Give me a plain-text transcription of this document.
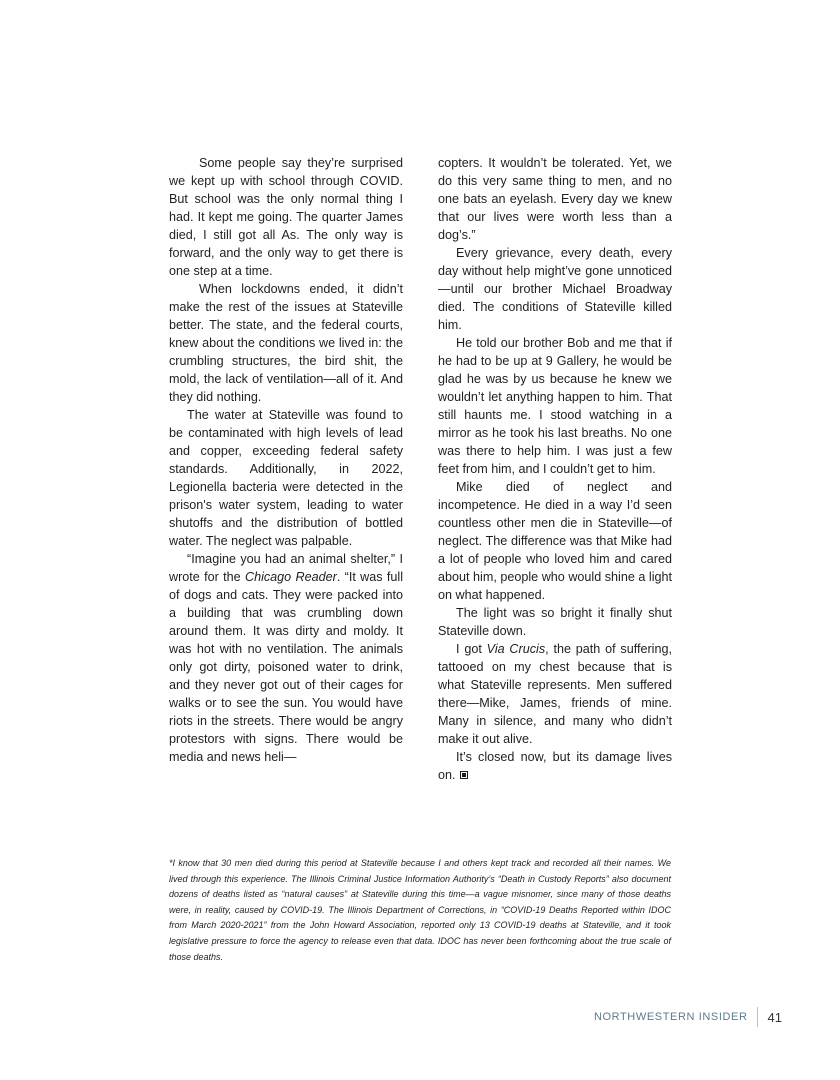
Some people say they’re surprised we kept up with school through COVID. But school was the only normal thing I had. It kept me going. The quarter James died, I still got all As. The only way is forward, and the only way to get there is one step at a time.

When lockdowns ended, it didn’t make the rest of the issues at Stateville better. The state, and the federal courts, knew about the conditions we lived in: the crumbling structures, the bird shit, the mold, the lack of ventilation—all of it. And they did nothing.

The water at Stateville was found to be contaminated with high levels of lead and copper, exceeding federal safety standards. Additionally, in 2022, Legionella bacteria were detected in the prison's water system, leading to water shutoffs and the distribution of bottled water. The neglect was palpable.

“Imagine you had an animal shelter,” I wrote for the Chicago Reader. “It was full of dogs and cats. They were packed into a building that was crumbling down around them. It was dirty and moldy. It was hot with no ventilation. The animals only got dirty, poisoned water to drink, and they never got out of their cages for walks or to see the sun. You would have riots in the streets. There would be angry protestors with signs. There would be media and news heli—

copters. It wouldn’t be tolerated. Yet, we do this very same thing to men, and no one bats an eyelash. Every day we knew that our lives were worth less than a dog’s.”

Every grievance, every death, every day without help might’ve gone unnoticed—until our brother Michael Broadway died. The conditions of Stateville killed him.

He told our brother Bob and me that if he had to be up at 9 Gallery, he would be glad he was by us because he knew we wouldn’t let anything happen to him. That still haunts me. I stood watching in a mirror as he took his last breaths. No one was there to help him. I was just a few feet from him, and I couldn’t get to him.

Mike died of neglect and incompetence. He died in a way I’d seen countless other men die in Stateville—of neglect. The difference was that Mike had a lot of people who loved him and cared about him, people who would shine a light on what happened.

The light was so bright it finally shut Stateville down.

I got Via Crucis, the path of suffering, tattooed on my chest because that is what Stateville represents. Men suffered there—Mike, James, friends of mine. Many in silence, and many who didn’t make it out alive.

It’s closed now, but its damage lives on.

*I know that 30 men died during this period at Stateville because I and others kept track and recorded all their names. We lived through this experience. The Illinois Criminal Justice Information Authority’s “Death in Custody Reports” also document dozens of deaths listed as “natural causes” at Stateville during this time—a vague misnomer, since many of those deaths were, in reality, caused by COVID-19. The Illinois Department of Corrections, in “COVID-19 Deaths Reported within IDOC from March 2020-2021” from the John Howard Association, reported only 13 COVID-19 deaths at Stateville, and it took legislative pressure to force the agency to release even that data. IDOC has never been forthcoming about the true scale of those deaths.

NORTHWESTERN INSIDER 41
